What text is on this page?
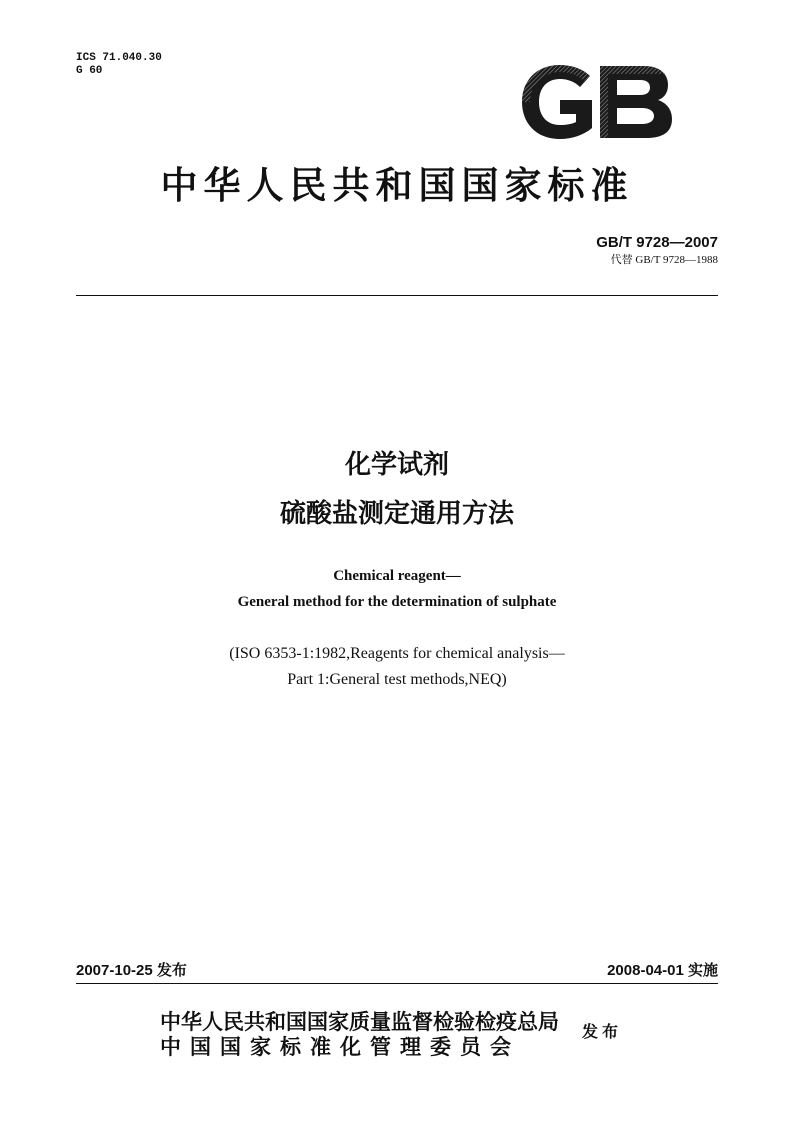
ICS 71.040.30
G 60
中华人民共和国国家标准
GB/T 9728—2007
代替 GB/T 9728—1988
化学试剂
硫酸盐测定通用方法
Chemical reagent—
General method for the determination of sulphate
(ISO 6353-1:1982,Reagents for chemical analysis—
Part 1:General test methods,NEQ)
2007-10-25 发布	2008-04-01 实施
中华人民共和国国家质量监督检验检疫总局
中国国家标准化管理委员会
发布
